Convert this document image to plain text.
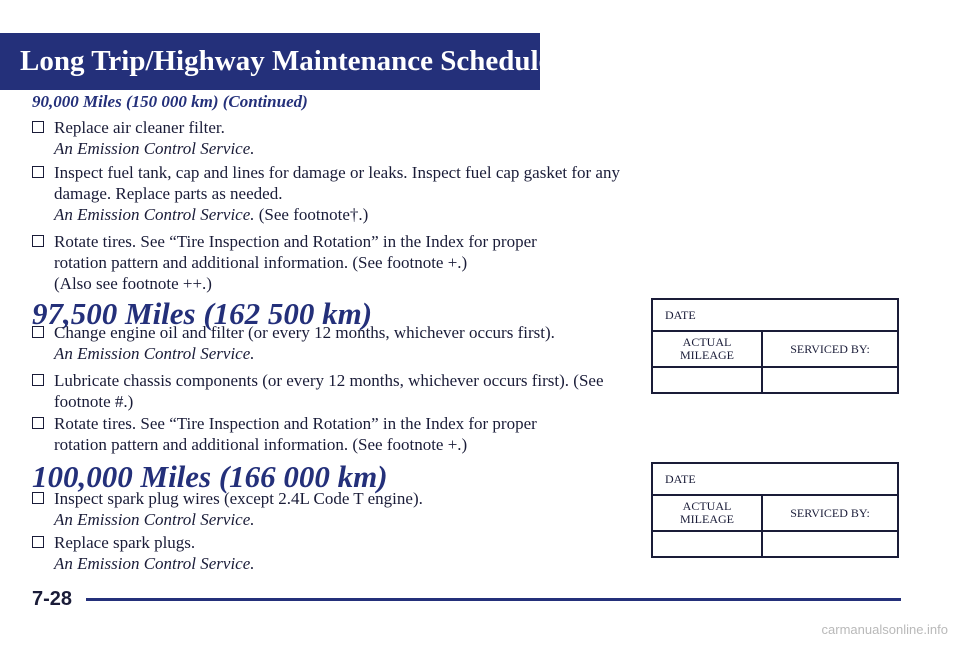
Long Trip/Highway Maintenance Schedule
90,000 Miles (150 000 km) (Continued)
Replace air cleaner filter.
An Emission Control Service.
Inspect fuel tank, cap and lines for damage or leaks. Inspect fuel cap gasket for any damage. Replace parts as needed.
An Emission Control Service. (See footnote†.)
Rotate tires. See “Tire Inspection and Rotation” in the Index for proper rotation pattern and additional information. (See footnote +.)
(Also see footnote ++.)
97,500 Miles (162 500 km)
Change engine oil and filter (or every 12 months, whichever occurs first).
An Emission Control Service.
Lubricate chassis components (or every 12 months, whichever occurs first). (See footnote #.)
Rotate tires. See “Tire Inspection and Rotation” in the Index for proper rotation pattern and additional information. (See footnote +.)
100,000 Miles (166 000 km)
Inspect spark plug wires (except 2.4L Code T engine).
An Emission Control Service.
Replace spark plugs.
An Emission Control Service.
DATE
ACTUAL
MILEAGE	SERVICED BY:
DATE
ACTUAL
MILEAGE	SERVICED BY:
7-28
carmanualsonline.info
